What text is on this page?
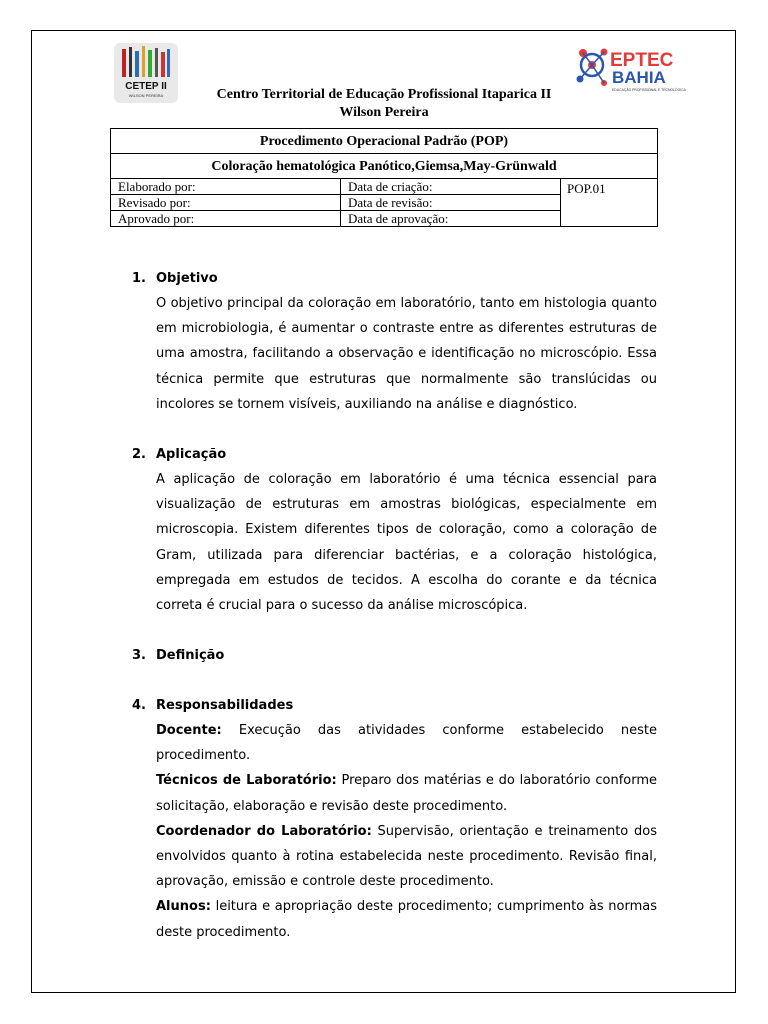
CETEP II
WILSON PEREIRA
EPTEC
BAHIA
EDUCAÇÃO PROFISSIONAL E TECNOLÓGICA
Centro Territorial de Educação Profissional Itaparica II
Wilson Pereira
Procedimento Operacional Padrão (POP)		
Coloração hematológica Panótico,Giemsa,May-Grünwald		
Elaborado por:	Data de criação:	POP.01
Revisado por:	Data de revisão:	
Aprovado por:	Data de aprovação:	
1. Objetivo

O objetivo principal da coloração em laboratório, tanto em histologia quanto em microbiologia, é aumentar o contraste entre as diferentes estruturas de uma amostra, facilitando a observação e identificação no microscópio. Essa técnica permite que estruturas que normalmente são translúcidas ou incolores se tornem visíveis, auxiliando na análise e diagnóstico.

2. Aplicação

A aplicação de coloração em laboratório é uma técnica essencial para visualização de estruturas em amostras biológicas, especialmente em microscopia. Existem diferentes tipos de coloração, como a coloração de Gram, utilizada para diferenciar bactérias, e a coloração histológica, empregada em estudos de tecidos. A escolha do corante e da técnica correta é crucial para o sucesso da análise microscópica.

3. Definição
4. Responsabilidades

Docente: Execução das atividades conforme estabelecido neste procedimento.

Técnicos de Laboratório: Preparo dos matérias e do laboratório conforme solicitação, elaboração e revisão deste procedimento.

Coordenador do Laboratório: Supervisão, orientação e treinamento dos envolvidos quanto à rotina estabelecida neste procedimento. Revisão final, aprovação, emissão e controle deste procedimento.

Alunos: leitura e apropriação deste procedimento; cumprimento às normas deste procedimento.
